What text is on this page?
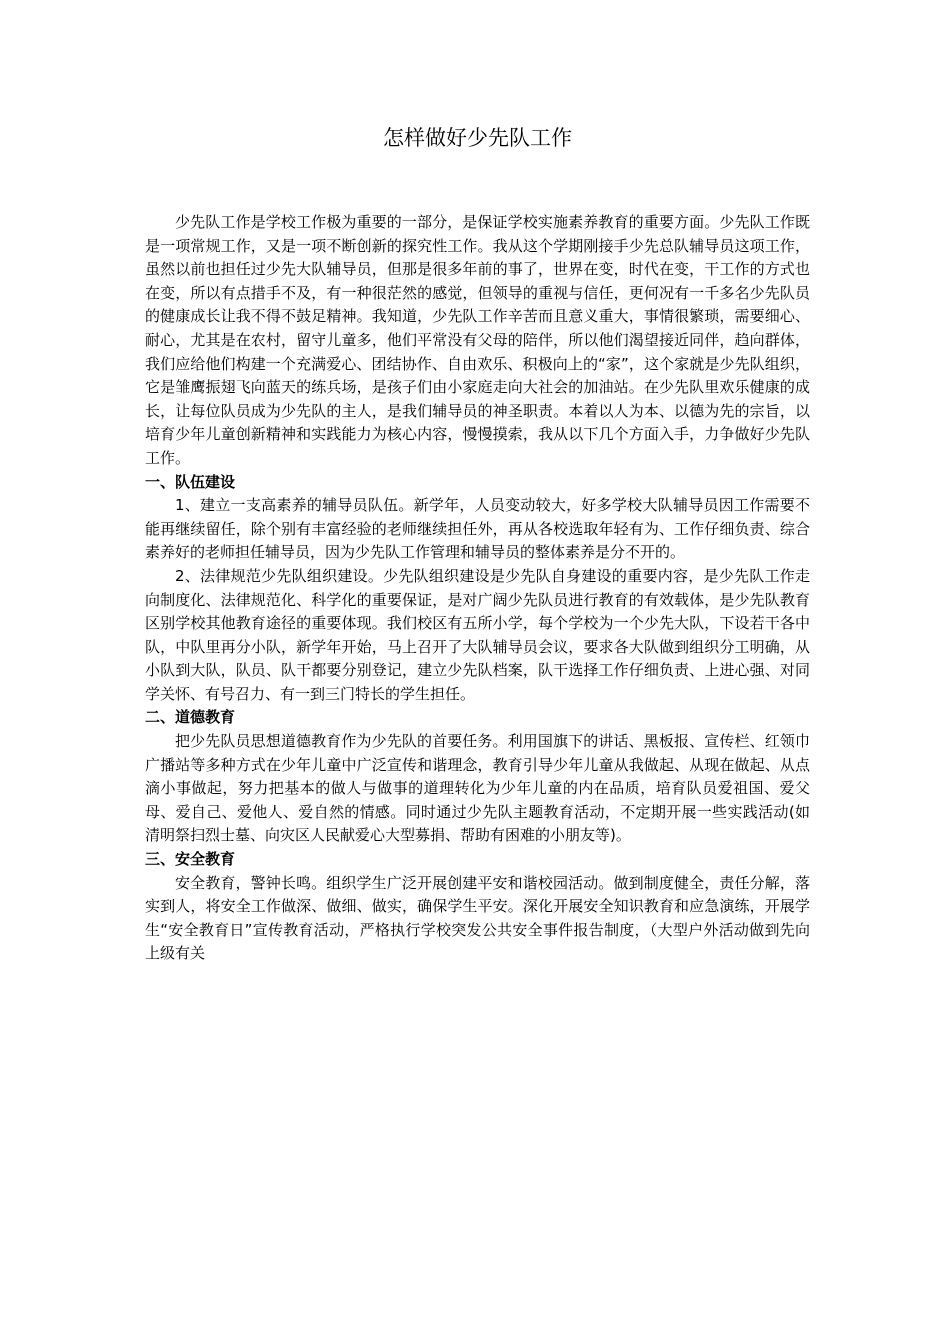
怎样做好少先队工作

少先队工作是学校工作极为重要的一部分，是保证学校实施素养教育的重要方面。少先队工作既是一项常规工作，又是一项不断创新的探究性工作。我从这个学期刚接手少先总队辅导员这项工作，虽然以前也担任过少先大队辅导员，但那是很多年前的事了，世界在变，时代在变，干工作的方式也在变，所以有点措手不及，有一种很茫然的感觉，但领导的重视与信任，更何况有一千多名少先队员的健康成长让我不得不鼓足精神。我知道，少先队工作辛苦而且意义重大，事情很繁琐，需要细心、耐心，尤其是在农村，留守儿童多，他们平常没有父母的陪伴，所以他们渴望接近同伴，趋向群体，我们应给他们构建一个充满爱心、团结协作、自由欢乐、积极向上的“家”，这个家就是少先队组织，它是雏鹰振翅飞向蓝天的练兵场，是孩子们由小家庭走向大社会的加油站。在少先队里欢乐健康的成长，让每位队员成为少先队的主人，是我们辅导员的神圣职责。本着以人为本、以德为先的宗旨，以培育少年儿童创新精神和实践能力为核心内容，慢慢摸索，我从以下几个方面入手，力争做好少先队工作。

一、队伍建设

1、建立一支高素养的辅导员队伍。新学年，人员变动较大，好多学校大队辅导员因工作需要不能再继续留任，除个别有丰富经验的老师继续担任外，再从各校选取年轻有为、工作仔细负责、综合素养好的老师担任辅导员，因为少先队工作管理和辅导员的整体素养是分不开的。

2、法律规范少先队组织建设。少先队组织建设是少先队自身建设的重要内容，是少先队工作走向制度化、法律规范化、科学化的重要保证，是对广阔少先队员进行教育的有效载体，是少先队教育区别学校其他教育途径的重要体现。我们校区有五所小学，每个学校为一个少先大队，下设若干各中队，中队里再分小队，新学年开始，马上召开了大队辅导员会议，要求各大队做到组织分工明确，从小队到大队，队员、队干都要分别登记，建立少先队档案，队干选择工作仔细负责、上进心强、对同学关怀、有号召力、有一到三门特长的学生担任。

二、道德教育

把少先队员思想道德教育作为少先队的首要任务。利用国旗下的讲话、黑板报、宣传栏、红领巾广播站等多种方式在少年儿童中广泛宣传和谐理念，教育引导少年儿童从我做起、从现在做起、从点滴小事做起，努力把基本的做人与做事的道理转化为少年儿童的内在品质，培育队员爱祖国、爱父母、爱自己、爱他人、爱自然的情感。同时通过少先队主题教育活动，不定期开展一些实践活动(如清明祭扫烈士墓、向灾区人民献爱心大型募捐、帮助有困难的小朋友等)。

三、安全教育

安全教育，警钟长鸣。组织学生广泛开展创建平安和谐校园活动。做到制度健全，责任分解，落实到人，将安全工作做深、做细、做实，确保学生平安。深化开展安全知识教育和应急演练，开展学生“安全教育日”宣传教育活动，严格执行学校突发公共安全事件报告制度，（大型户外活动做到先向上级有关
